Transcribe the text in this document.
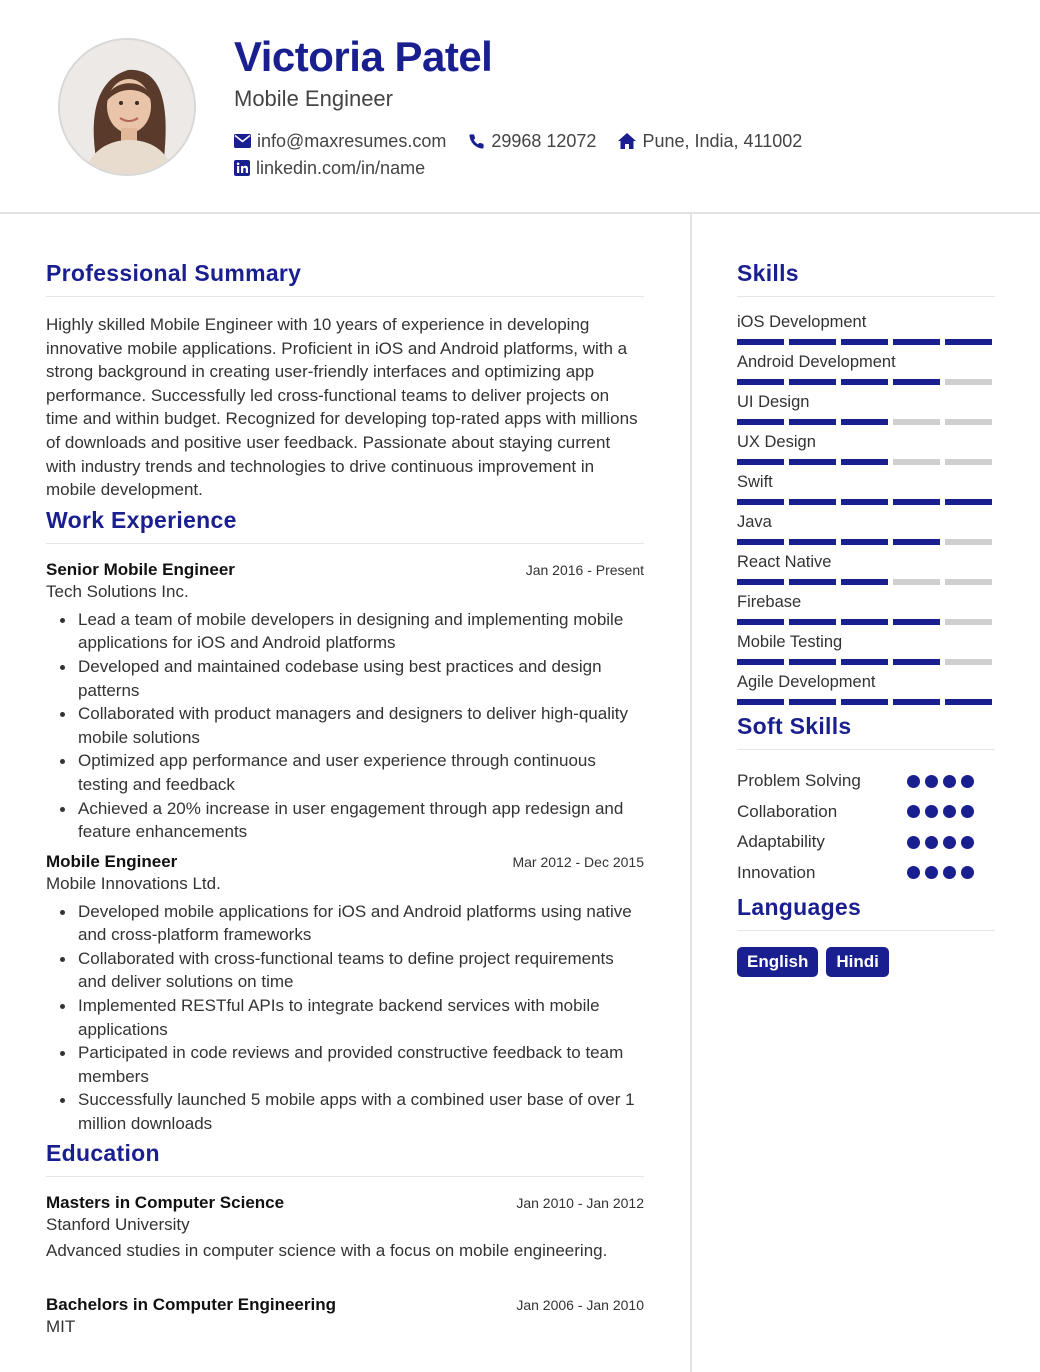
Victoria Patel
Mobile Engineer
info@maxresumes.com	29968 12072	Pune, India, 411002
linkedin.com/in/name
Professional Summary
Highly skilled Mobile Engineer with 10 years of experience in developing innovative mobile applications. Proficient in iOS and Android platforms, with a strong background in creating user-friendly interfaces and optimizing app performance. Successfully led cross-functional teams to deliver projects on time and within budget. Recognized for developing top-rated apps with millions of downloads and positive user feedback. Passionate about staying current with industry trends and technologies to drive continuous improvement in mobile development.
Work Experience
Senior Mobile Engineer	Jan 2016 - Present
Tech Solutions Inc.
Lead a team of mobile developers in designing and implementing mobile applications for iOS and Android platforms
Developed and maintained codebase using best practices and design patterns
Collaborated with product managers and designers to deliver high-quality mobile solutions
Optimized app performance and user experience through continuous testing and feedback
Achieved a 20% increase in user engagement through app redesign and feature enhancements
Mobile Engineer	Mar 2012 - Dec 2015
Mobile Innovations Ltd.
Developed mobile applications for iOS and Android platforms using native and cross-platform frameworks
Collaborated with cross-functional teams to define project requirements and deliver solutions on time
Implemented RESTful APIs to integrate backend services with mobile applications
Participated in code reviews and provided constructive feedback to team members
Successfully launched 5 mobile apps with a combined user base of over 1 million downloads
Education
Masters in Computer Science	Jan 2010 - Jan 2012
Stanford University
Advanced studies in computer science with a focus on mobile engineering.
Bachelors in Computer Engineering	Jan 2006 - Jan 2010
MIT
Skills
iOS Development
Android Development
UI Design
UX Design
Swift
Java
React Native
Firebase
Mobile Testing
Agile Development
Soft Skills
Problem Solving
Collaboration
Adaptability
Innovation
Languages
English	Hindi
